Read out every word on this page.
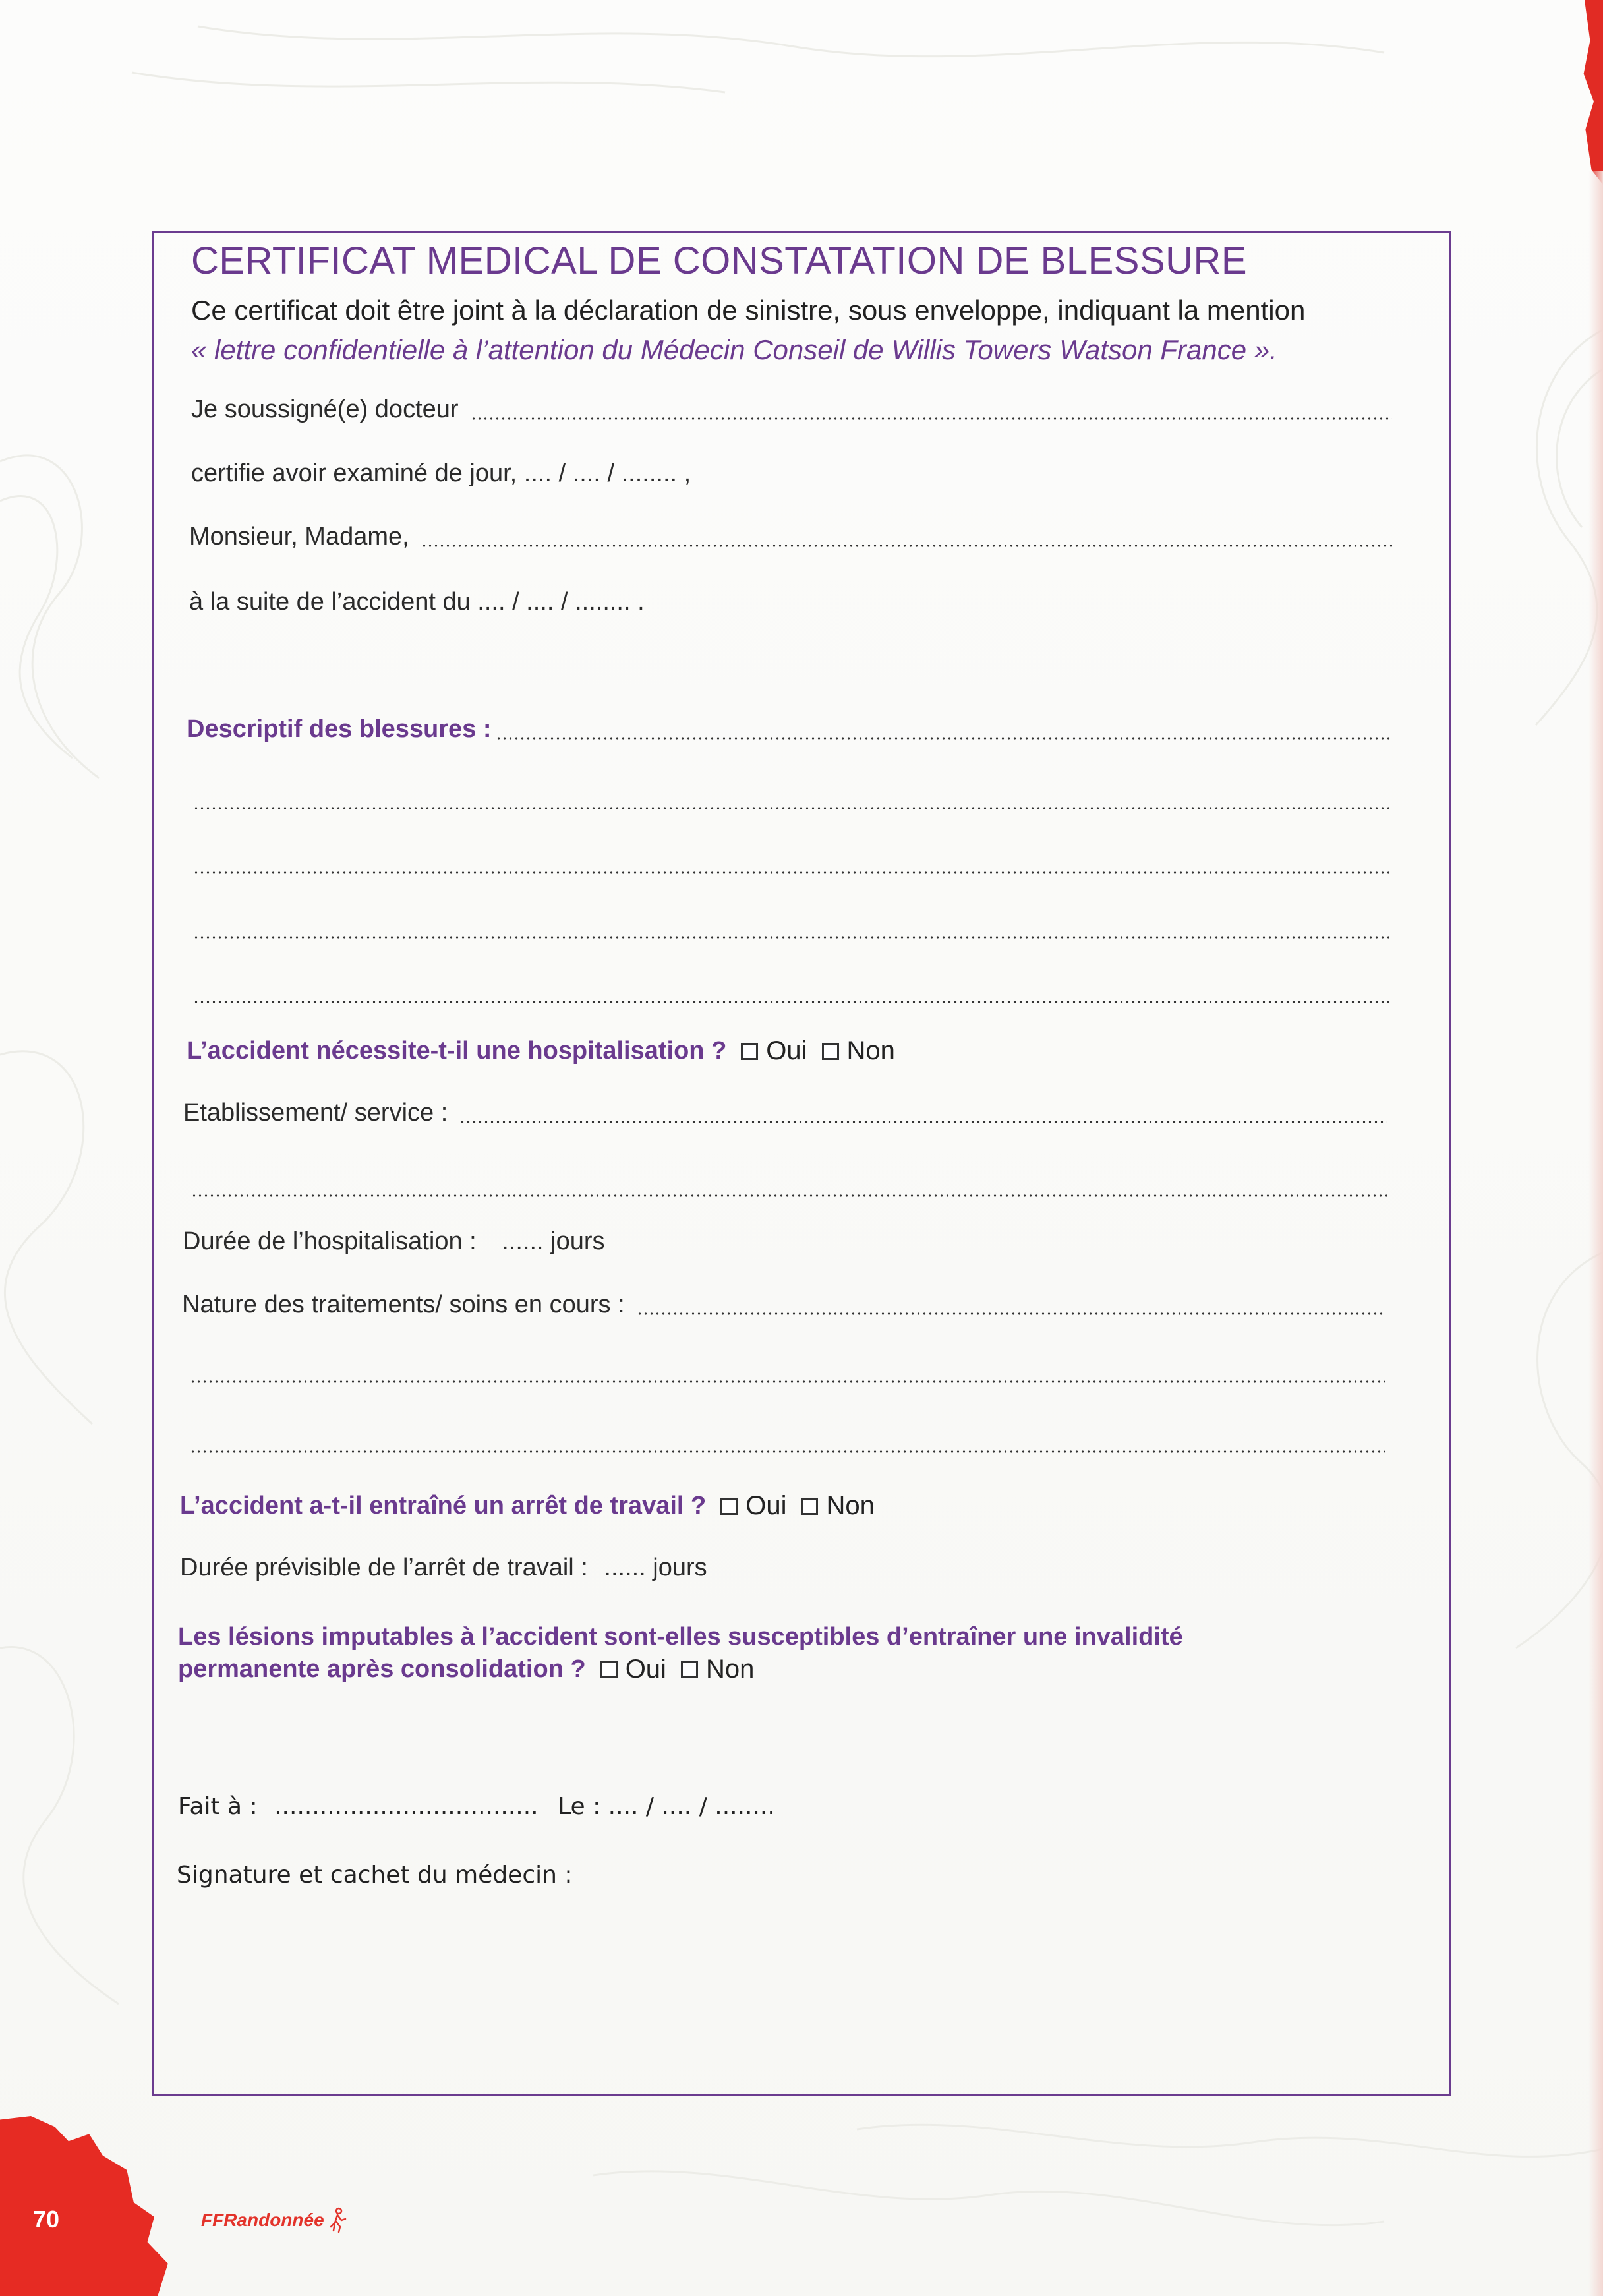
CERTIFICAT MEDICAL DE CONSTATATION DE BLESSURE
Ce certificat doit être joint à la déclaration de sinistre, sous enveloppe, indiquant la mention
« lettre confidentielle à l’attention du Médecin Conseil de Willis Towers Watson France ».
Je soussigné(e) docteur
certifie avoir examiné de jour, .... / .... / ........ ,
Monsieur, Madame,
à la suite de l’accident du .... / .... / ........ .
Descriptif des blessures :
L’accident nécessite-t-il une hospitalisation ? Oui Non
Etablissement/ service :
Durée de l’hospitalisation : ...... jours
Nature des traitements/ soins en cours :
L’accident a-t-il entraîné un arrêt de travail ? Oui Non
Durée prévisible de l’arrêt de travail : ...... jours
Les lésions imputables à l’accident sont-elles susceptibles d’entraîner une invalidité
permanente après consolidation ? Oui Non
Fait à : ................................... Le : .... / .... / ........
Signature et cachet du médecin :
70	FFRandonnée
